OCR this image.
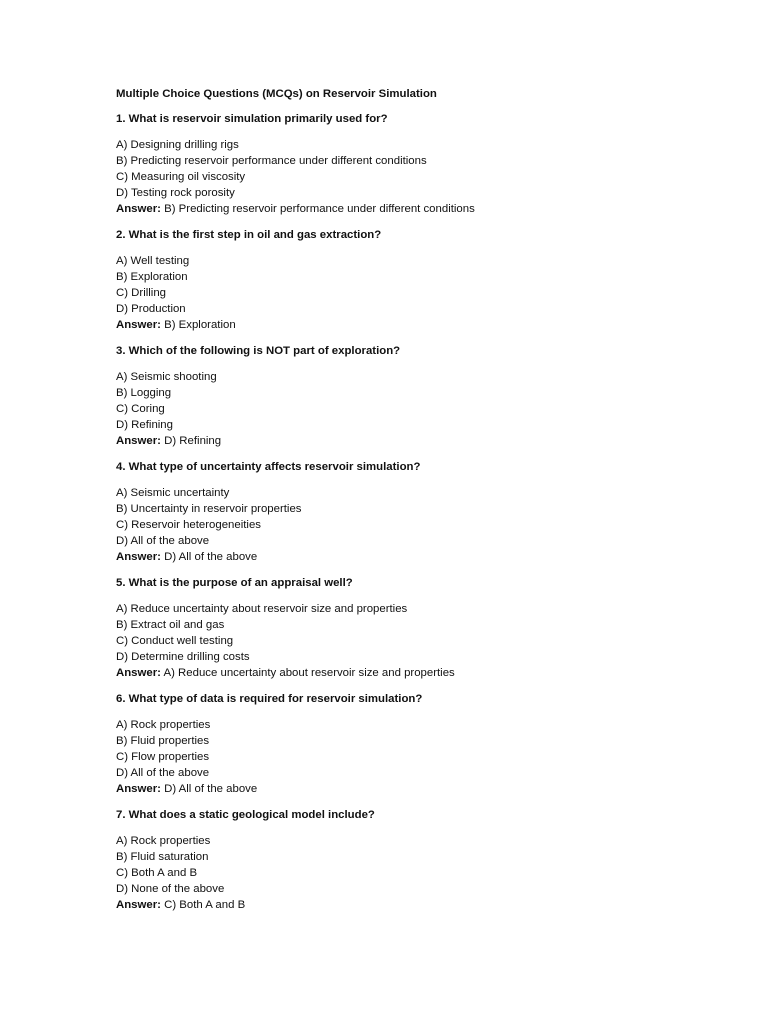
Multiple Choice Questions (MCQs) on Reservoir Simulation
1. What is reservoir simulation primarily used for?
A) Designing drilling rigs
B) Predicting reservoir performance under different conditions
C) Measuring oil viscosity
D) Testing rock porosity
Answer: B) Predicting reservoir performance under different conditions
2. What is the first step in oil and gas extraction?
A) Well testing
B) Exploration
C) Drilling
D) Production
Answer: B) Exploration
3. Which of the following is NOT part of exploration?
A) Seismic shooting
B) Logging
C) Coring
D) Refining
Answer: D) Refining
4. What type of uncertainty affects reservoir simulation?
A) Seismic uncertainty
B) Uncertainty in reservoir properties
C) Reservoir heterogeneities
D) All of the above
Answer: D) All of the above
5. What is the purpose of an appraisal well?
A) Reduce uncertainty about reservoir size and properties
B) Extract oil and gas
C) Conduct well testing
D) Determine drilling costs
Answer: A) Reduce uncertainty about reservoir size and properties
6. What type of data is required for reservoir simulation?
A) Rock properties
B) Fluid properties
C) Flow properties
D) All of the above
Answer: D) All of the above
7. What does a static geological model include?
A) Rock properties
B) Fluid saturation
C) Both A and B
D) None of the above
Answer: C) Both A and B
